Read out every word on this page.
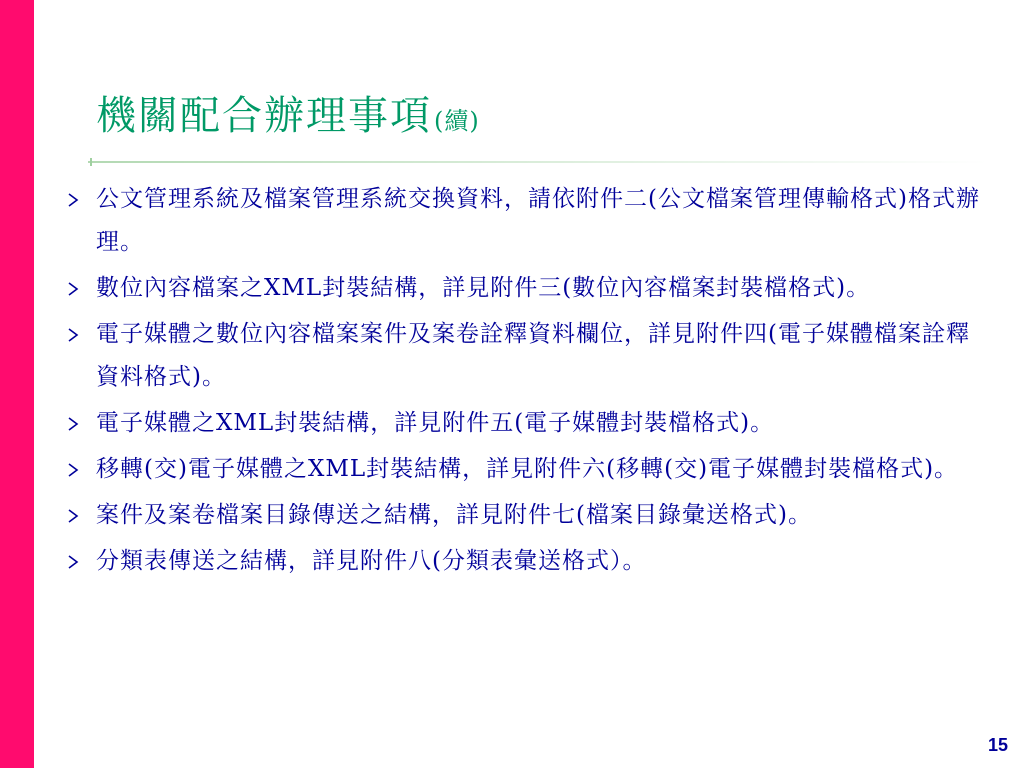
機關配合辦理事項 (續)
公文管理系統及檔案管理系統交換資料，請依附件二(公文檔案管理傳輸格式)格式辦理。
數位內容檔案之XML封裝結構，詳見附件三(數位內容檔案封裝檔格式)。
電子媒體之數位內容檔案案件及案卷詮釋資料欄位，詳見附件四(電子媒體檔案詮釋資料格式)。
電子媒體之XML封裝結構，詳見附件五(電子媒體封裝檔格式)。
移轉(交)電子媒體之XML封裝結構，詳見附件六(移轉(交)電子媒體封裝檔格式)。
案件及案卷檔案目錄傳送之結構，詳見附件七(檔案目錄彙送格式)。
分類表傳送之結構，詳見附件八(分類表彙送格式）。
15
